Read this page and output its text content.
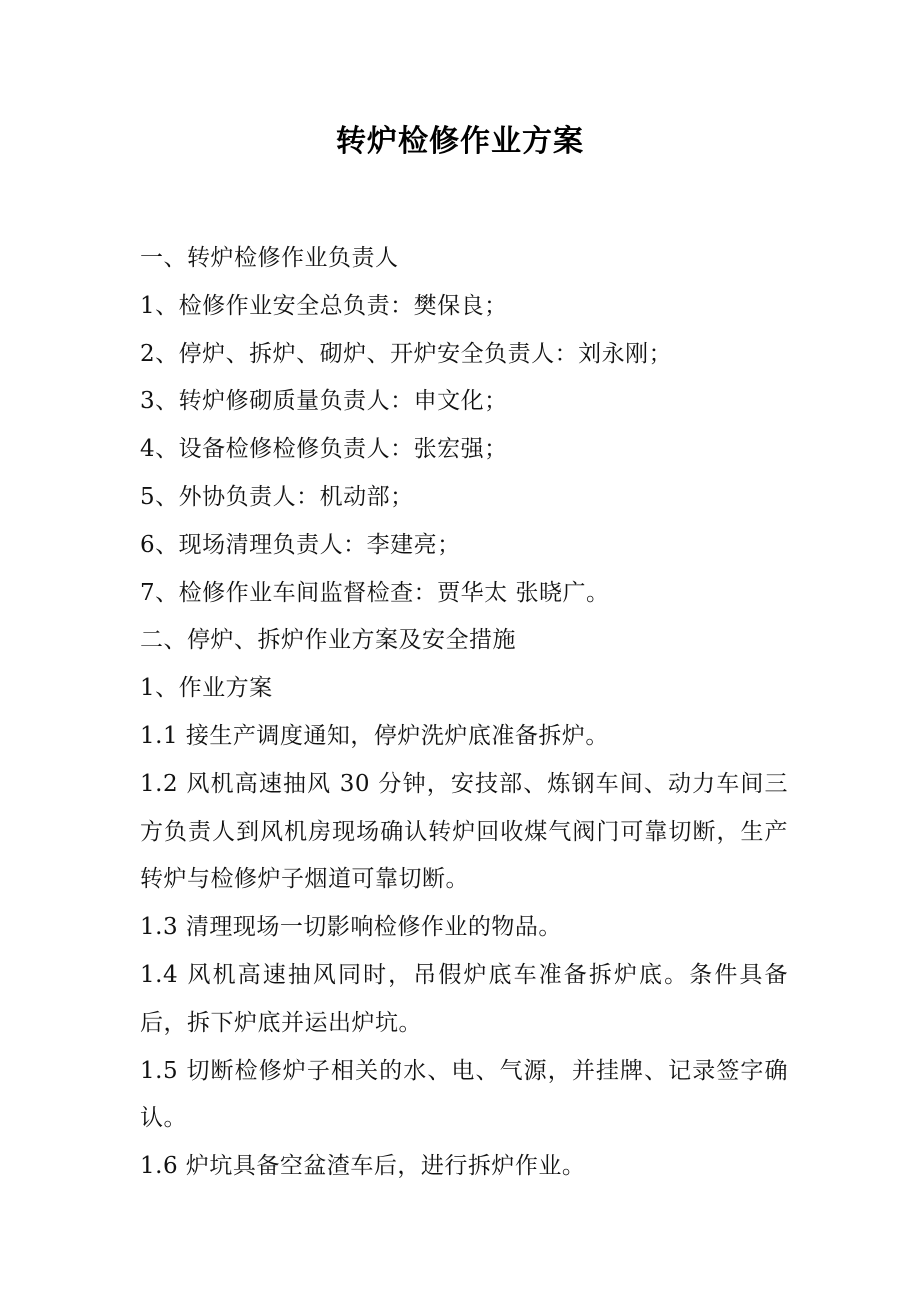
转炉检修作业方案

一、转炉检修作业负责人

1、检修作业安全总负责：樊保良；

2、停炉、拆炉、砌炉、开炉安全负责人：刘永刚；

3、转炉修砌质量负责人：申文化；

4、设备检修检修负责人：张宏强；

5、外协负责人：机动部；

6、现场清理负责人：李建亮；

7、检修作业车间监督检查：贾华太 张晓广。

二、停炉、拆炉作业方案及安全措施

1、作业方案

1.1 接生产调度通知，停炉洗炉底准备拆炉。

1.2 风机高速抽风 30 分钟，安技部、炼钢车间、动力车间三方负责人到风机房现场确认转炉回收煤气阀门可靠切断，生产转炉与检修炉子烟道可靠切断。

1.3 清理现场一切影响检修作业的物品。

1.4 风机高速抽风同时，吊假炉底车准备拆炉底。条件具备后，拆下炉底并运出炉坑。

1.5 切断检修炉子相关的水、电、气源，并挂牌、记录签字确认。

1.6 炉坑具备空盆渣车后，进行拆炉作业。
